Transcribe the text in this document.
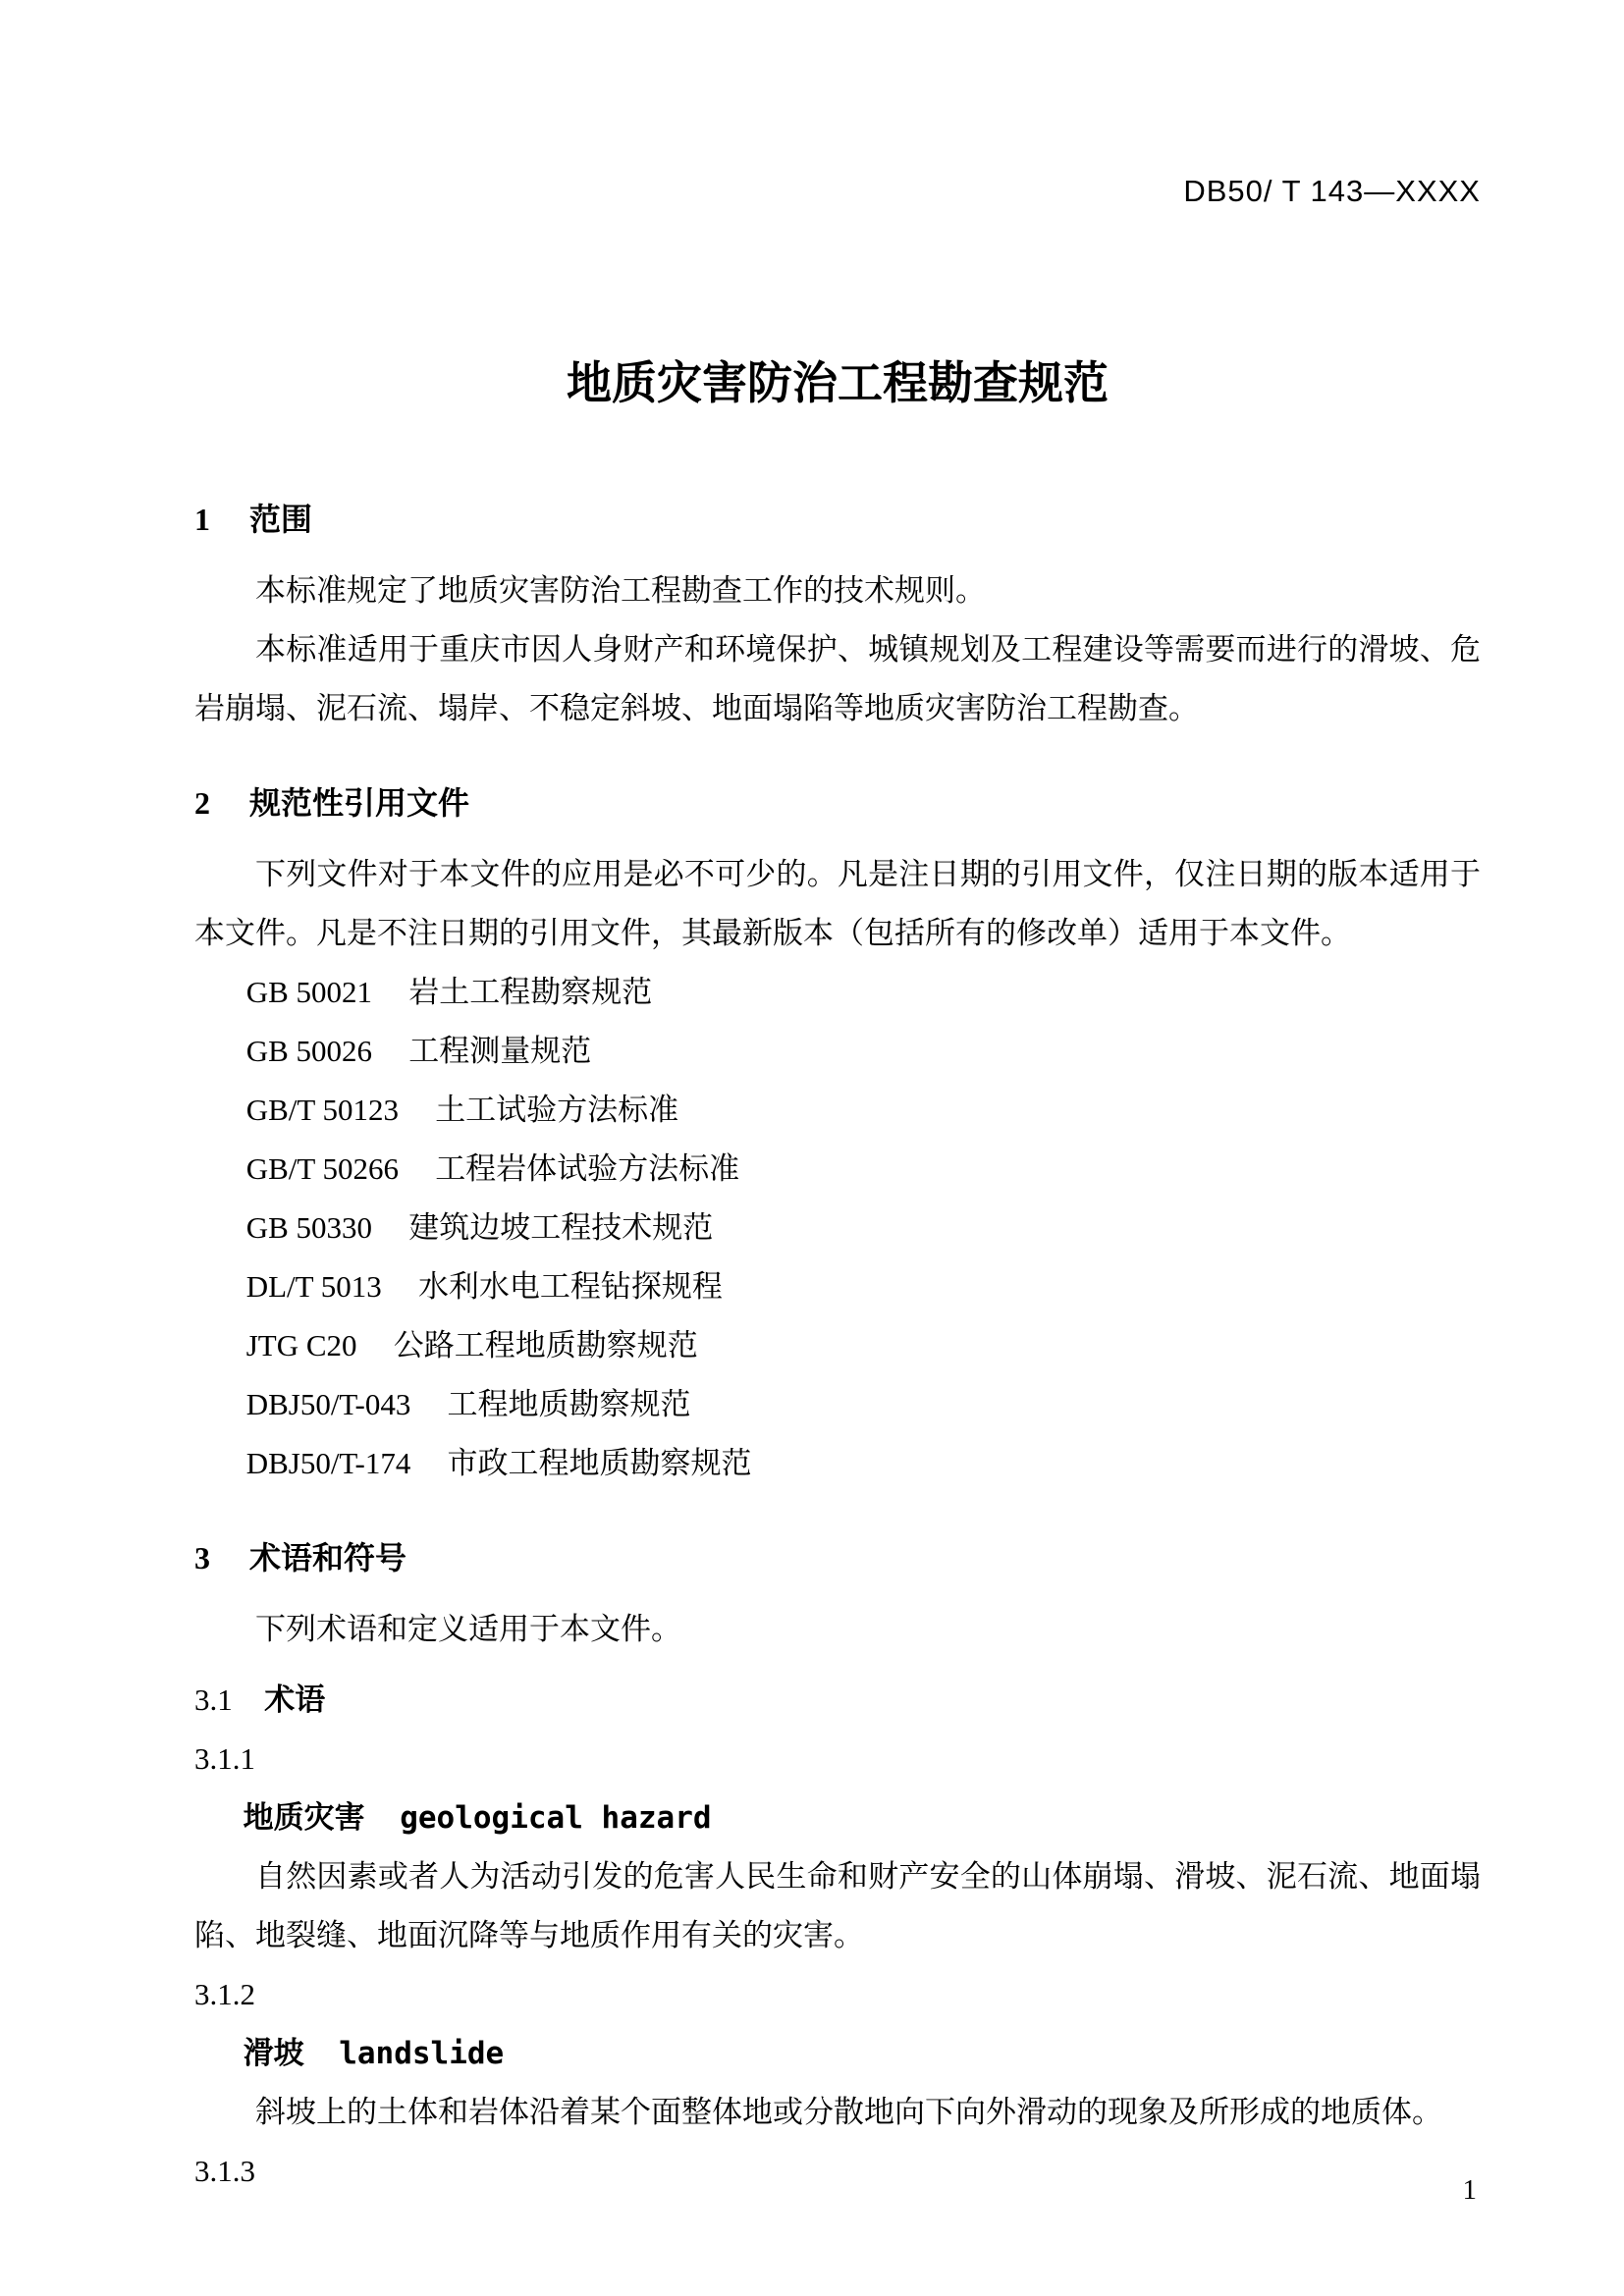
DB50/ T 143—XXXX
地质灾害防治工程勘查规范
1 范围

本标准规定了地质灾害防治工程勘查工作的技术规则。

本标准适用于重庆市因人身财产和环境保护、城镇规划及工程建设等需要而进行的滑坡、危岩崩塌、泥石流、塌岸、不稳定斜坡、地面塌陷等地质灾害防治工程勘查。

2 规范性引用文件

下列文件对于本文件的应用是必不可少的。凡是注日期的引用文件，仅注日期的版本适用于本文件。凡是不注日期的引用文件，其最新版本（包括所有的修改单）适用于本文件。

GB 50021 岩土工程勘察规范
GB 50026 工程测量规范
GB/T 50123 土工试验方法标准
GB/T 50266 工程岩体试验方法标准
GB 50330 建筑边坡工程技术规范
DL/T 5013 水利水电工程钻探规程
JTG C20 公路工程地质勘察规范
DBJ50/T-043 工程地质勘察规范
DBJ50/T-174 市政工程地质勘察规范
3 术语和符号

下列术语和定义适用于本文件。

3.1 术语
3.1.1
地质灾害 geological hazard

自然因素或者人为活动引发的危害人民生命和财产安全的山体崩塌、滑坡、泥石流、地面塌陷、地裂缝、地面沉降等与地质作用有关的灾害。

3.1.2
滑坡 landslide

斜坡上的土体和岩体沿着某个面整体地或分散地向下向外滑动的现象及所形成的地质体。

3.1.3
1
